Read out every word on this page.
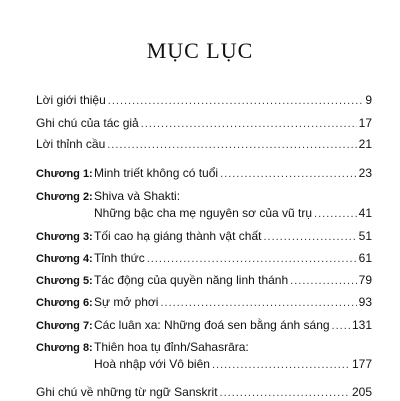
MỤC LỤC
Lời giới thiệu .....	9
Ghi chú của tác giả .....	17
Lời thỉnh cầu .....	21
Chương 1: Minh triết không có tuổi .....	23
Chương 2: Shiva và Shakti:
Những bậc cha mẹ nguyên sơ của vũ trụ .....	41
Chương 3: Tối cao hạ giáng thành vật chất .....	51
Chương 4: Tỉnh thức .....	61
Chương 5: Tác động của quyền năng linh thánh .....	79
Chương 6: Sự mở phơi .....	93
Chương 7: Các luân xa: Những đoá sen bằng ánh sáng ..... 131
Chương 8: Thiên hoa tụ đỉnh/Sahasrāra:
Hoà nhập với Vô biên .....	177
Ghi chú về những từ ngữ Sanskrit .....	205
